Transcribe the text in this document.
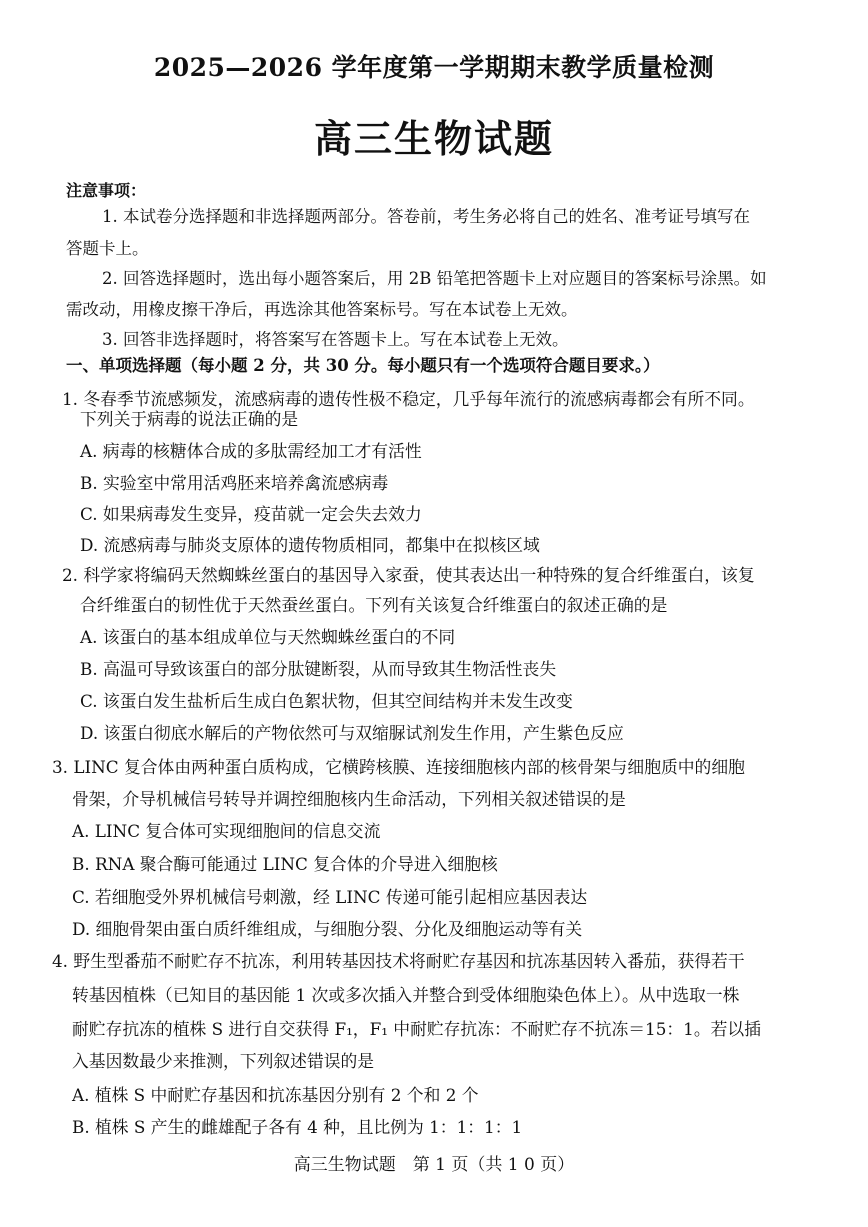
2025—2026 学年度第一学期期末教学质量检测
高三生物试题
注意事项：
1. 本试卷分选择题和非选择题两部分。答卷前，考生务必将自己的姓名、准考证号填写在
答题卡上。
2. 回答选择题时，选出每小题答案后，用 2B 铅笔把答题卡上对应题目的答案标号涂黑。如
需改动，用橡皮擦干净后，再选涂其他答案标号。写在本试卷上无效。
3. 回答非选择题时，将答案写在答题卡上。写在本试卷上无效。
一、单项选择题（每小题 2 分，共 30 分。每小题只有一个选项符合题目要求。）
1. 冬春季节流感频发，流感病毒的遗传性极不稳定，几乎每年流行的流感病毒都会有所不同。
下列关于病毒的说法正确的是
A. 病毒的核糖体合成的多肽需经加工才有活性
B. 实验室中常用活鸡胚来培养禽流感病毒
C. 如果病毒发生变异，疫苗就一定会失去效力
D. 流感病毒与肺炎支原体的遗传物质相同，都集中在拟核区域
2. 科学家将编码天然蜘蛛丝蛋白的基因导入家蚕，使其表达出一种特殊的复合纤维蛋白，该复
合纤维蛋白的韧性优于天然蚕丝蛋白。下列有关该复合纤维蛋白的叙述正确的是
A. 该蛋白的基本组成单位与天然蜘蛛丝蛋白的不同
B. 高温可导致该蛋白的部分肽键断裂，从而导致其生物活性丧失
C. 该蛋白发生盐析后生成白色絮状物，但其空间结构并未发生改变
D. 该蛋白彻底水解后的产物依然可与双缩脲试剂发生作用，产生紫色反应
3. LINC 复合体由两种蛋白质构成，它横跨核膜、连接细胞核内部的核骨架与细胞质中的细胞
骨架，介导机械信号转导并调控细胞核内生命活动，下列相关叙述错误的是
A. LINC 复合体可实现细胞间的信息交流
B. RNA 聚合酶可能通过 LINC 复合体的介导进入细胞核
C. 若细胞受外界机械信号刺激，经 LINC 传递可能引起相应基因表达
D. 细胞骨架由蛋白质纤维组成，与细胞分裂、分化及细胞运动等有关
4. 野生型番茄不耐贮存不抗冻，利用转基因技术将耐贮存基因和抗冻基因转入番茄，获得若干
转基因植株（已知目的基因能 1 次或多次插入并整合到受体细胞染色体上）。从中选取一株
耐贮存抗冻的植株 S 进行自交获得 F₁，F₁ 中耐贮存抗冻：不耐贮存不抗冻＝15：1。若以插
入基因数最少来推测，下列叙述错误的是
A. 植株 S 中耐贮存基因和抗冻基因分别有 2 个和 2 个
B. 植株 S 产生的雌雄配子各有 4 种，且比例为 1：1：1：1
高三生物试题　第 1 页（共 1 0 页）
